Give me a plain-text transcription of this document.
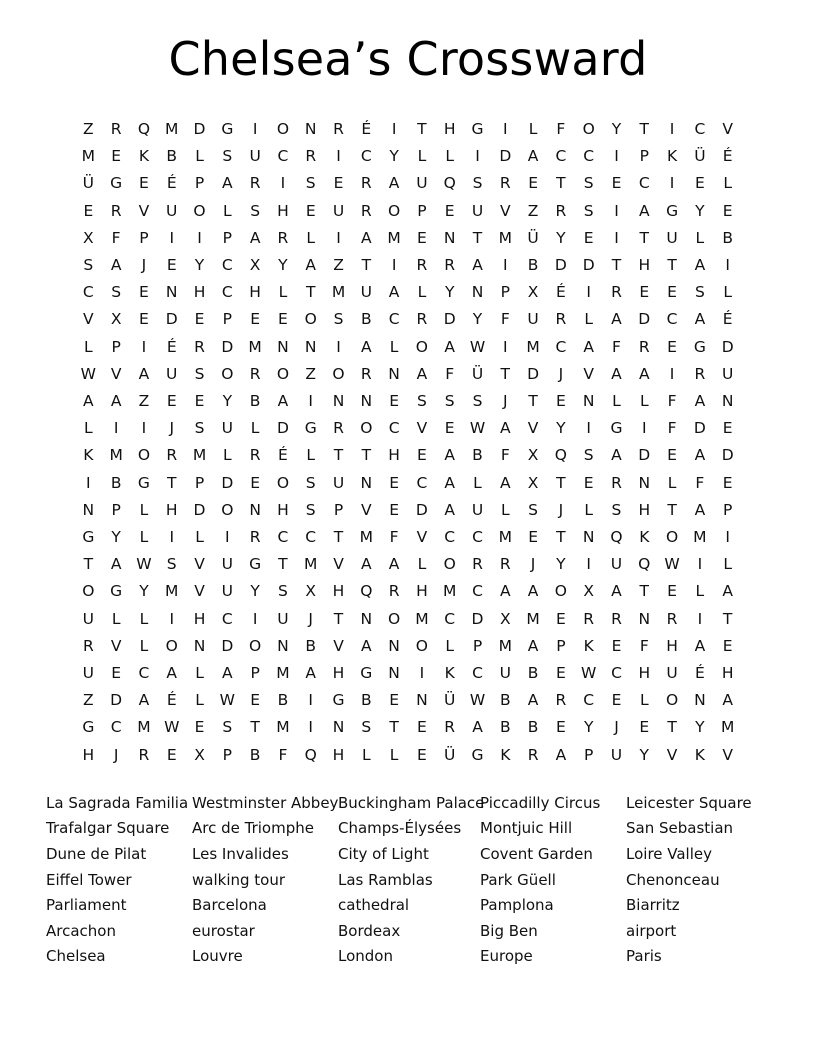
Chelsea’s Crossward
Z	R	Q	M	D	G	I	O	N	R	É	I	T	H	G	I	L	F	O	Y	T	I	C	V
M	E	K	B	L	S	U	C	R	I	C	Y	L	L	I	D	A	C	C	I	P	K	Ü	É
Ü	G	E	É	P	A	R	I	S	E	R	A	U	Q	S	R	E	T	S	E	C	I	E	L
E	R	V	U	O	L	S	H	E	U	R	O	P	E	U	V	Z	R	S	I	A	G	Y	E
X	F	P	I	I	P	A	R	L	I	A	M	E	N	T	M	Ü	Y	E	I	T	U	L	B
S	A	J	E	Y	C	X	Y	A	Z	T	I	R	R	A	I	B	D	D	T	H	T	A	I
C	S	E	N	H	C	H	L	T	M	U	A	L	Y	N	P	X	É	I	R	E	E	S	L
V	X	E	D	E	P	E	E	O	S	B	C	R	D	Y	F	U	R	L	A	D	C	A	É
L	P	I	É	R	D	M	N	N	I	A	L	O	A	W	I	M	C	A	F	R	E	G	D
W	V	A	U	S	O	R	O	Z	O	R	N	A	F	Ü	T	D	J	V	A	A	I	R	U
A	A	Z	E	E	Y	B	A	I	N	N	E	S	S	S	J	T	E	N	L	L	F	A	N
L	I	I	J	S	U	L	D	G	R	O	C	V	E	W	A	V	Y	I	G	I	F	D	E
K	M	O	R	M	L	R	É	L	T	T	H	E	A	B	F	X	Q	S	A	D	E	A	D
I	B	G	T	P	D	E	O	S	U	N	E	C	A	L	A	X	T	E	R	N	L	F	E
N	P	L	H	D	O	N	H	S	P	V	E	D	A	U	L	S	J	L	S	H	T	A	P
G	Y	L	I	L	I	R	C	C	T	M	F	V	C	C	M	E	T	N	Q	K	O	M	I
T	A	W	S	V	U	G	T	M	V	A	A	L	O	R	R	J	Y	I	U	Q	W	I	L
O	G	Y	M	V	U	Y	S	X	H	Q	R	H	M	C	A	A	O	X	A	T	E	L	A
U	L	L	I	H	C	I	U	J	T	N	O	M	C	D	X	M	E	R	R	N	R	I	T
R	V	L	O	N	D	O	N	B	V	A	N	O	L	P	M	A	P	K	E	F	H	A	E
U	E	C	A	L	A	P	M	A	H	G	N	I	K	C	U	B	E	W	C	H	U	É	H
Z	D	A	É	L	W	E	B	I	G	B	E	N	Ü	W	B	A	R	C	E	L	O	N	A
G	C	M	W	E	S	T	M	I	N	S	T	E	R	A	B	B	E	Y	J	E	T	Y	M
H	J	R	E	X	P	B	F	Q	H	L	L	E	Ü	G	K	R	A	P	U	Y	V	K	V
La Sagrada Familia
Trafalgar Square
Dune de Pilat
Eiffel Tower
Parliament
Arcachon
Chelsea
Westminster Abbey
Arc de Triomphe
Les Invalides
walking tour
Barcelona
eurostar
Louvre
Buckingham Palace
Champs-Élysées
City of Light
Las Ramblas
cathedral
Bordeax
London
Piccadilly Circus
Montjuic Hill
Covent Garden
Park Güell
Pamplona
Big Ben
Europe
Leicester Square
San Sebastian
Loire Valley
Chenonceau
Biarritz
airport
Paris
